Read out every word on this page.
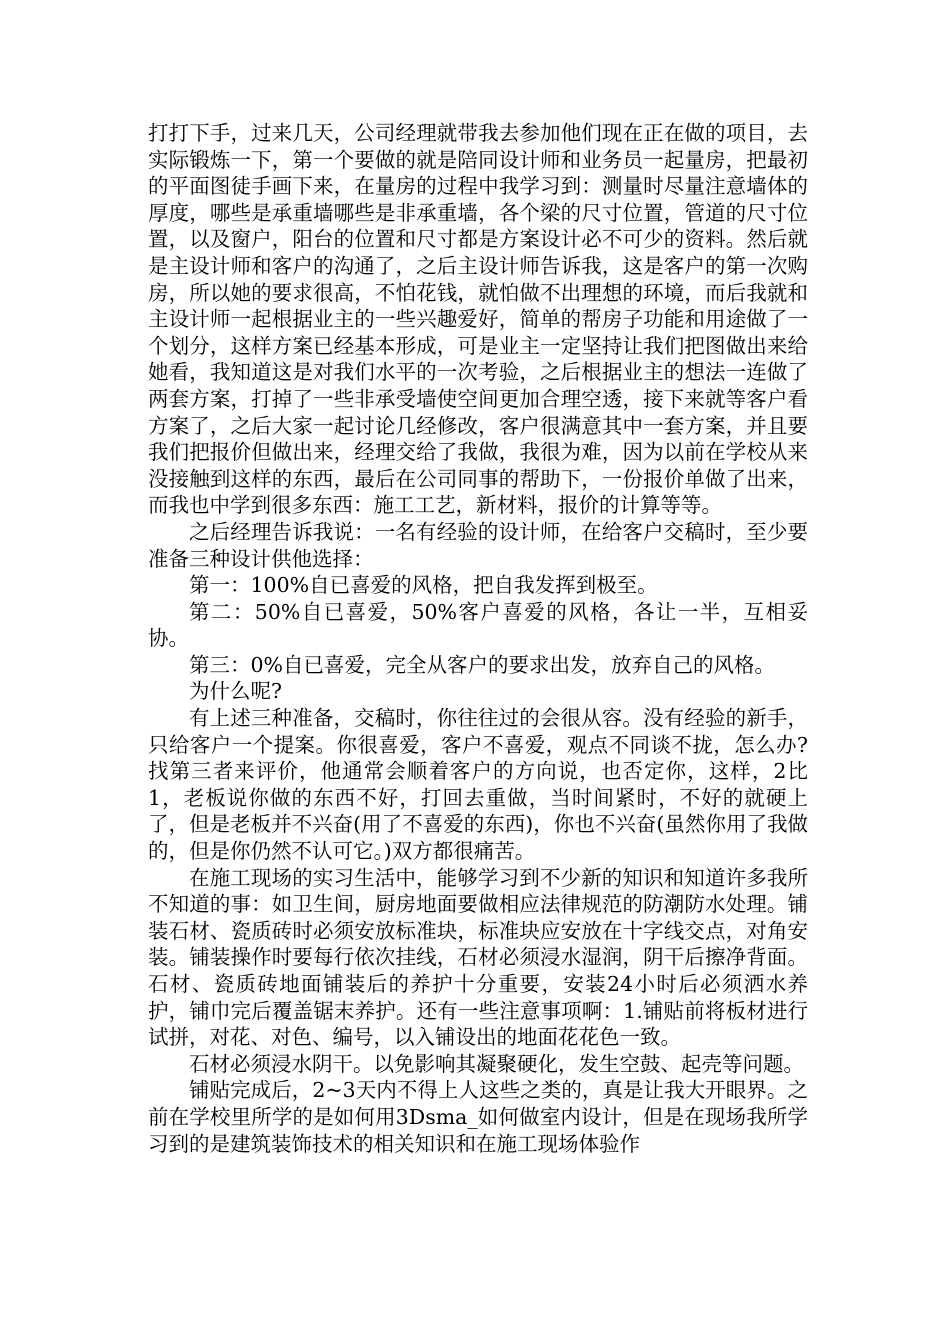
打打下手，过来几天，公司经理就带我去参加他们现在正在做的项目，去实际锻炼一下，第一个要做的就是陪同设计师和业务员一起量房，把最初的平面图徒手画下来，在量房的过程中我学习到：测量时尽量注意墙体的厚度，哪些是承重墙哪些是非承重墙，各个梁的尺寸位置，管道的尺寸位置，以及窗户，阳台的位置和尺寸都是方案设计必不可少的资料。然后就是主设计师和客户的沟通了，之后主设计师告诉我，这是客户的第一次购房，所以她的要求很高，不怕花钱，就怕做不出理想的环境，而后我就和主设计师一起根据业主的一些兴趣爱好，简单的帮房子功能和用途做了一个划分，这样方案已经基本形成，可是业主一定坚持让我们把图做出来给她看，我知道这是对我们水平的一次考验，之后根据业主的想法一连做了两套方案，打掉了一些非承受墙使空间更加合理空透，接下来就等客户看方案了，之后大家一起讨论几经修改，客户很满意其中一套方案，并且要我们把报价但做出来，经理交给了我做，我很为难，因为以前在学校从来没接触到这样的东西，最后在公司同事的帮助下，一份报价单做了出来，而我也中学到很多东西：施工工艺，新材料，报价的计算等等。

之后经理告诉我说：一名有经验的设计师，在给客户交稿时，至少要准备三种设计供他选择：

第一：100%自已喜爱的风格，把自我发挥到极至。

第二：50%自已喜爱，50%客户喜爱的风格，各让一半，互相妥协。

第三：0%自已喜爱，完全从客户的要求出发，放弃自己的风格。

为什么呢?

有上述三种准备，交稿时，你往往过的会很从容。没有经验的新手，只给客户一个提案。你很喜爱，客户不喜爱，观点不同谈不拢，怎么办?找第三者来评价，他通常会顺着客户的方向说，也否定你，这样，2比1，老板说你做的东西不好，打回去重做，当时间紧时，不好的就硬上了，但是老板并不兴奋(用了不喜爱的东西)，你也不兴奋(虽然你用了我做的，但是你仍然不认可它。)双方都很痛苦。

在施工现场的实习生活中，能够学习到不少新的知识和知道许多我所不知道的事：如卫生间，厨房地面要做相应法律规范的防潮防水处理。铺装石材、瓷质砖时必须安放标准块，标准块应安放在十字线交点，对角安装。铺装操作时要每行依次挂线，石材必须浸水湿润，阴干后擦净背面。石材、瓷质砖地面铺装后的养护十分重要，安装24小时后必须洒水养护，铺巾完后覆盖锯末养护。还有一些注意事项啊：1.铺贴前将板材进行试拼，对花、对色、编号，以入铺设出的地面花花色一致。

石材必须浸水阴干。以免影响其凝聚硬化，发生空鼓、起壳等问题。

铺贴完成后，2~3天内不得上人这些之类的，真是让我大开眼界。之前在学校里所学的是如何用3Dsma_如何做室内设计，但是在现场我所学习到的是建筑装饰技术的相关知识和在施工现场体验作
